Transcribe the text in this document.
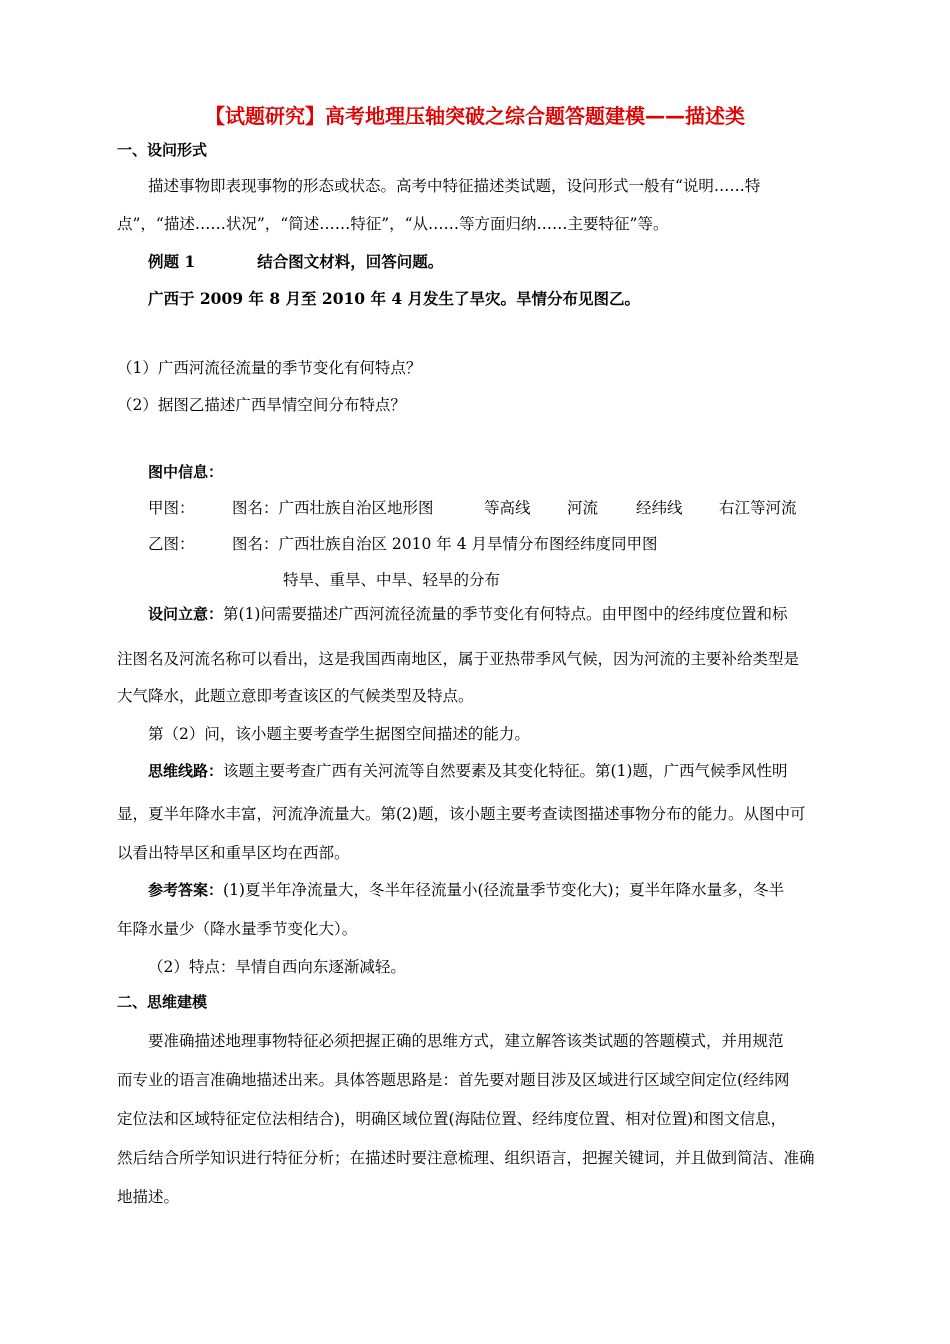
【试题研究】高考地理压轴突破之综合题答题建模——描述类
一、设问形式
描述事物即表现事物的形态或状态。高考中特征描述类试题，设问形式一般有“说明……特
点”，“描述……状况”，“简述……特征”，“从……等方面归纳……主要特征”等。
例题 1	结合图文材料，回答问题。
广西于 2009 年 8 月至 2010 年 4 月发生了旱灾。旱情分布见图乙。
（1）广西河流径流量的季节变化有何特点？
（2）据图乙描述广西旱情空间分布特点？
图中信息：
甲图： 图名：广西壮族自治区地形图	等高线 河流 经纬线 右江等河流
乙图： 图名：广西壮族自治区 2010 年 4 月旱情分布图经纬度同甲图
特旱、重旱、中旱、轻旱的分布
设问立意：第(1)问需要描述广西河流径流量的季节变化有何特点。由甲图中的经纬度位置和标
注图名及河流名称可以看出，这是我国西南地区，属于亚热带季风气候，因为河流的主要补给类型是
大气降水，此题立意即考查该区的气候类型及特点。
第（2）问，该小题主要考查学生据图空间描述的能力。
思维线路：该题主要考查广西有关河流等自然要素及其变化特征。第(1)题，广西气候季风性明
显，夏半年降水丰富，河流净流量大。第(2)题，该小题主要考查读图描述事物分布的能力。从图中可
以看出特旱区和重旱区均在西部。
参考答案：(1)夏半年净流量大，冬半年径流量小(径流量季节变化大)；夏半年降水量多，冬半
年降水量少（降水量季节变化大）。
（2）特点：旱情自西向东逐渐减轻。
二、思维建模
要准确描述地理事物特征必须把握正确的思维方式，建立解答该类试题的答题模式，并用规范
而专业的语言准确地描述出来。具体答题思路是：首先要对题目涉及区域进行区域空间定位(经纬网
定位法和区域特征定位法相结合)，明确区域位置(海陆位置、经纬度位置、相对位置)和图文信息，
然后结合所学知识进行特征分析；在描述时要注意梳理、组织语言，把握关键词，并且做到简洁、准确
地描述。
